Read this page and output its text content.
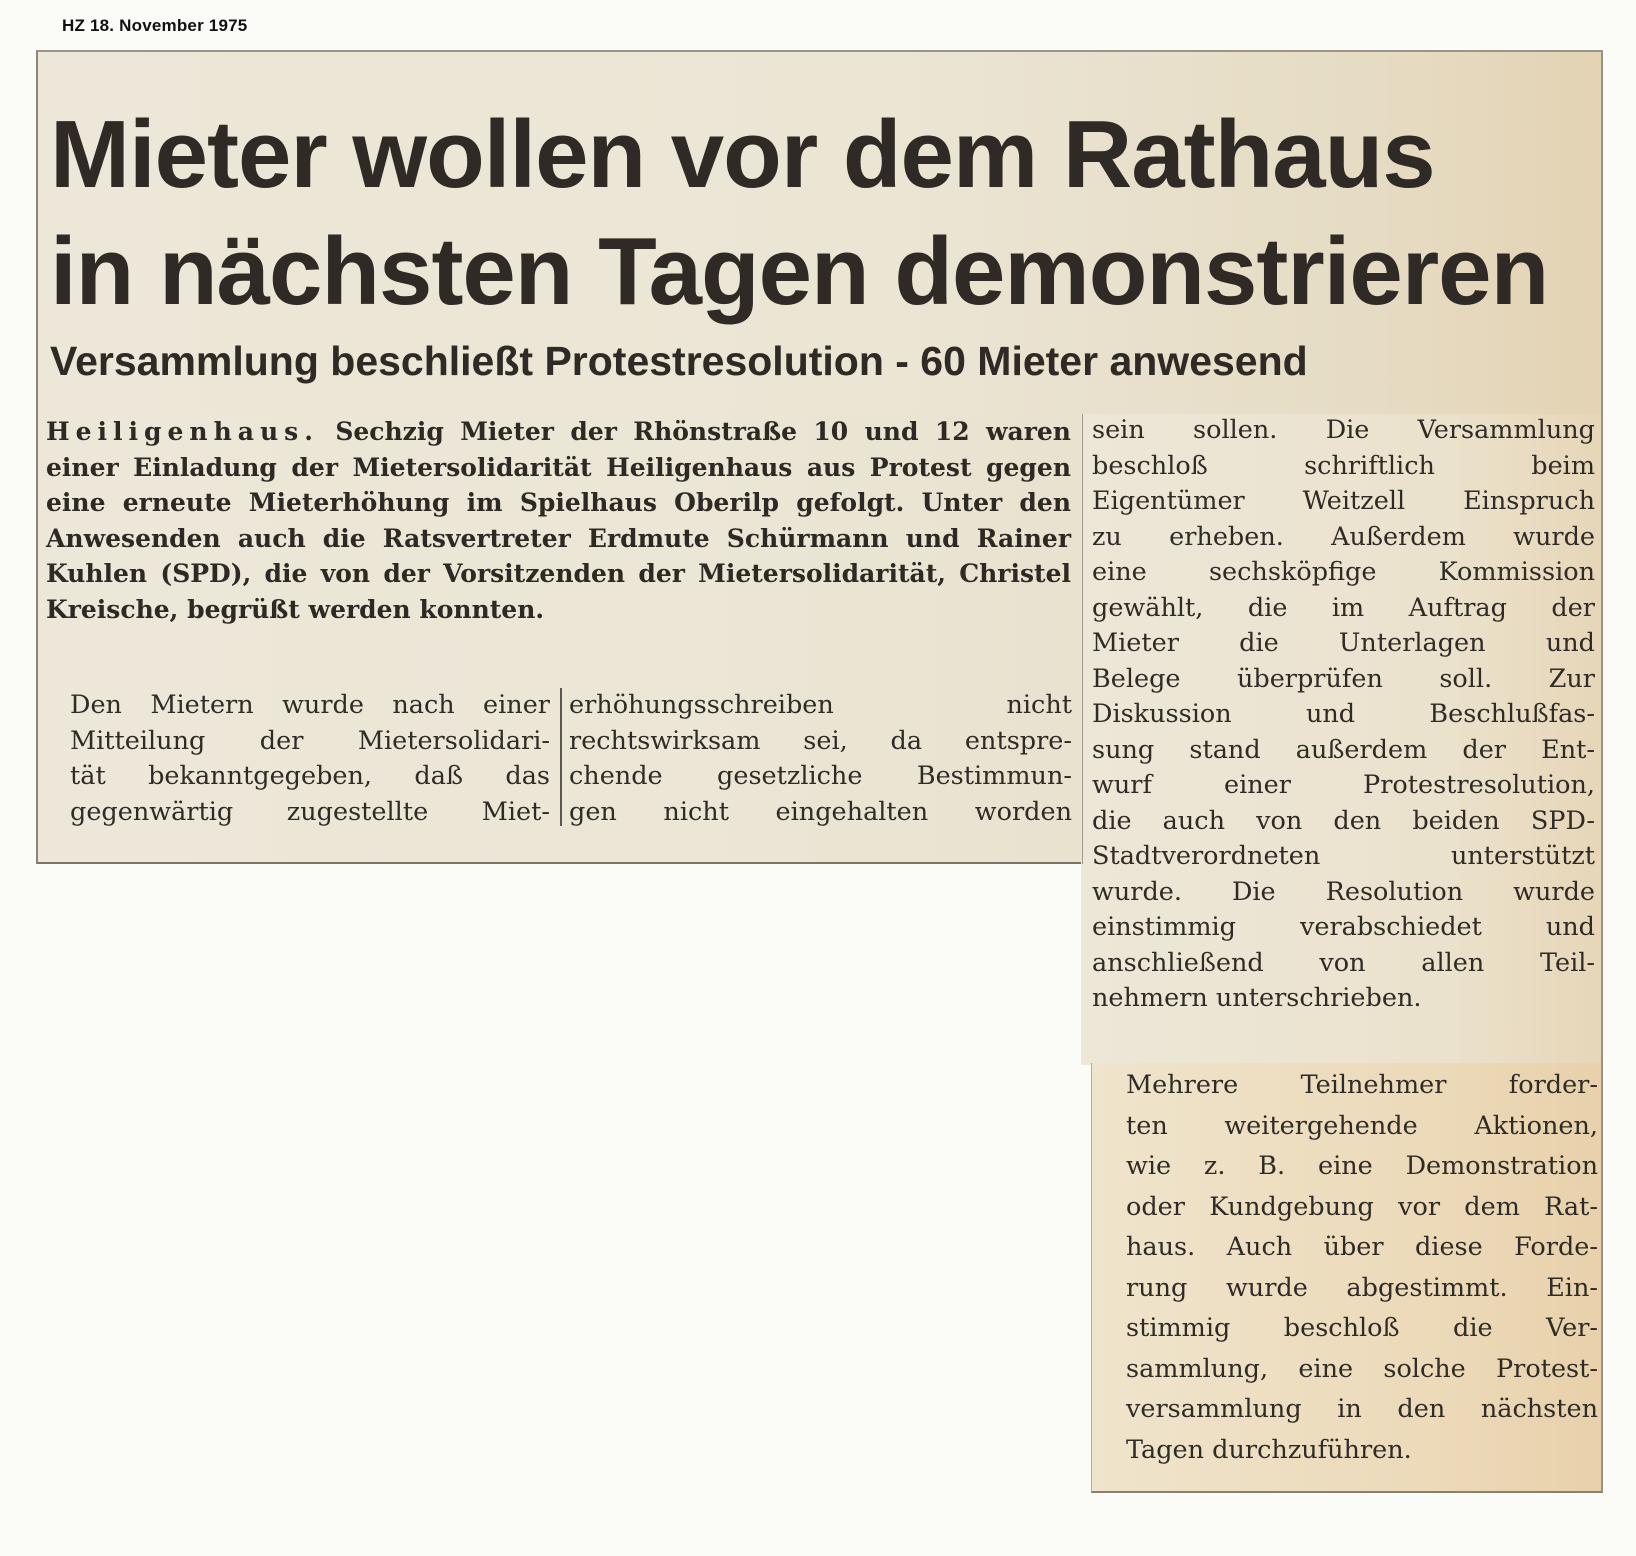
HZ 18. November 1975
Mieter wollen vor dem Rathaus
in nächsten Tagen demonstrieren
Versammlung beschließt Protestresolution - 60 Mieter anwesend

Heiligenhaus. Sechzig Mieter der Rhönstraße 10 und 12 waren einer Einladung der Mietersolidarität Heiligenhaus aus Protest gegen eine erneute Mieterhöhung im Spielhaus Oberilp gefolgt. Unter den Anwesenden auch die Ratsvertreter Erdmute Schürmann und Rainer Kuhlen (SPD), die von der Vorsitzenden der Mietersolidarität, Christel Kreische, begrüßt werden konnten.

Den Mietern wurde nach einer
Mitteilung der Mietersolidari-
tät bekanntgegeben, daß das
gegenwärtig zugestellte Miet-

erhöhungsschreiben nicht
rechtswirksam sei, da entspre-
chende gesetzliche Bestimmun-
gen nicht eingehalten worden

sein sollen. Die Versammlung
beschloß schriftlich beim
Eigentümer Weitzell Einspruch
zu erheben. Außerdem wurde
eine sechsköpfige Kommission
gewählt, die im Auftrag der
Mieter die Unterlagen und
Belege überprüfen soll. Zur
Diskussion und Beschlußfas-
sung stand außerdem der Ent-
wurf einer Protestresolution,
die auch von den beiden SPD-
Stadtverordneten unterstützt
wurde. Die Resolution wurde
einstimmig verabschiedet und
anschließend von allen Teil-
nehmern unterschrieben.

Mehrere Teilnehmer forder-
ten weitergehende Aktionen,
wie z. B. eine Demonstration
oder Kundgebung vor dem Rat-
haus. Auch über diese Forde-
rung wurde abgestimmt. Ein-
stimmig beschloß die Ver-
sammlung, eine solche Protest-
versammlung in den nächsten
Tagen durchzuführen.
